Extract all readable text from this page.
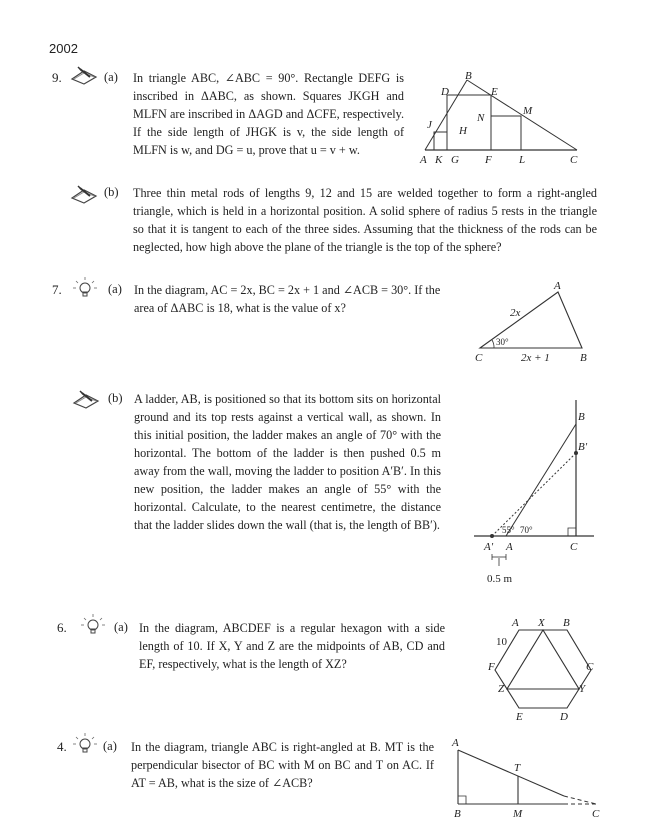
2002
9.	(a) In triangle ABC, ∠ABC = 90°. Rectangle DEFG is inscribed in ΔABC, as shown. Squares JKGH and MLFN are inscribed in ΔAGD and ΔCFE, respectively. If the side length of JHGK is v, the side length of MLFN is w, and DG = u, prove that u = v + w.
B
D	E
M
N
J H
A K G F L	C
(b) Three thin metal rods of lengths 9, 12 and 15 are welded together to form a right-angled triangle, which is held in a horizontal position. A solid sphere of radius 5 rests in the triangle so that it is tangent to each of the three sides. Assuming that the thickness of the rods can be neglected, how high above the plane of the triangle is the top of the sphere?
7.	(a) In the diagram, AC = 2x, BC = 2x + 1 and ∠ACB = 30°. If the area of ΔABC is 18, what is the value of x?
A
2x
30°
C	2x + 1	B
(b) A ladder, AB, is positioned so that its bottom sits on horizontal ground and its top rests against a vertical wall, as shown. In this initial position, the ladder makes an angle of 70° with the horizontal. The bottom of the ladder is then pushed 0.5 m away from the wall, moving the ladder to position A′B′. In this new position, the ladder makes an angle of 55° with the horizontal. Calculate, to the nearest centimetre, the distance that the ladder slides down the wall (that is, the length of BB′).
B
B′
55° 70°
A′ A	C
0.5 m
6.	(a) In the diagram, ABCDEF is a regular hexagon with a side length of 10. If X, Y and Z are the midpoints of AB, CD and EF, respectively, what is the length of XZ?
A X B
10
F	C
Z	Y
E	D
4.	(a) In the diagram, triangle ABC is right-angled at B. MT is the perpendicular bisector of BC with M on BC and T on AC. If AT = AB, what is the size of ∠ACB?
A
T
B	M	C
